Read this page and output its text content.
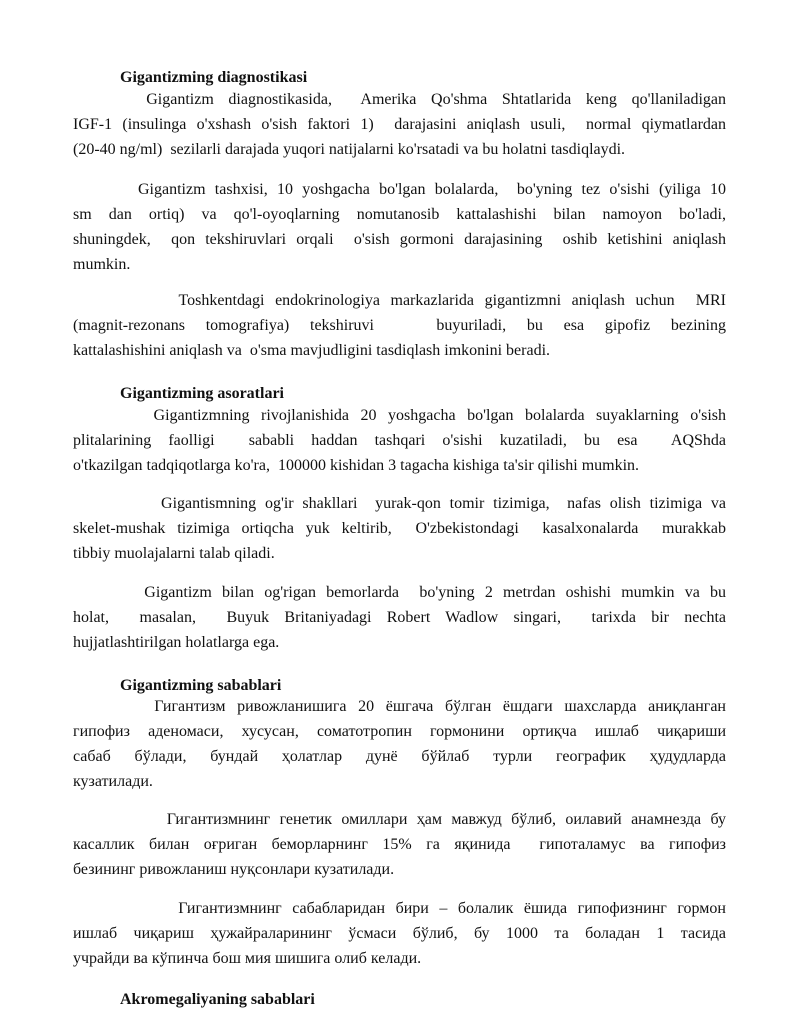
Gigantizming diagnostikasi
Gigantizm diagnostikasida,  Amerika Qo'shma Shtatlarida keng qo'llaniladigan
IGF-1 (insulinga o'xshash o'sish faktori 1)  darajasini aniqlash usuli,  normal qiymatlardan
(20-40 ng/ml)  sezilarli darajada yuqori natijalarni ko'rsatadi va bu holatni tasdiqlaydi.
Gigantizm tashxisi, 10 yoshgacha bo'lgan bolalarda,  bo'yning tez o'sishi (yiliga 10
sm dan ortiq) va qo'l-oyoqlarning nomutanosib kattalashishi bilan namoyon bo'ladi,
shuningdek,  qon tekshiruvlari orqali  o'sish gormoni darajasining  oshib ketishini aniqlash
mumkin.
Toshkentdagi endokrinologiya markazlarida gigantizmni aniqlash uchun  MRI
(magnit-rezonans tomografiya) tekshiruvi   buyuriladi, bu esa gipofiz bezining
kattalashishini aniqlash va  o'sma mavjudligini tasdiqlash imkonini beradi.
Gigantizming asoratlari
Gigantizmning rivojlanishida 20 yoshgacha bo'lgan bolalarda suyaklarning o'sish
plitalarining faolligi  sababli haddan tashqari o'sishi kuzatiladi, bu esa  AQShda
o'tkazilgan tadqiqotlarga ko'ra,  100000 kishidan 3 tagacha kishiga ta'sir qilishi mumkin.
Gigantismning og'ir shakllari  yurak-qon tomir tizimiga,  nafas olish tizimiga va
skelet-mushak tizimiga ortiqcha yuk keltirib,  O'zbekistondagi  kasalxonalarda  murakkab
tibbiy muolajalarni talab qiladi.
Gigantizm bilan og'rigan bemorlarda  bo'yning 2 metrdan oshishi mumkin va bu
holat,  masalan,  Buyuk Britaniyadagi Robert Wadlow singari,  tarixda bir nechta
hujjatlashtirilgan holatlarga ega.
Gigantizming sabablari
Гигантизм ривожланишига 20 ёшгача бўлган ёшдаги шахсларда аниқланган
гипофиз аденомаси, хусусан, соматотропин гормонини ортиқча ишлаб чиқариши
сабаб бўлади, бундай ҳолатлар дунё бўйлаб турли географик ҳудудларда
кузатилади.
Гигантизмнинг генетик омиллари ҳам мавжуд бўлиб, оилавий анамнезда бу
касаллик билан оғриган беморларнинг 15% га яқинида  гипоталамус ва гипофиз
безининг ривожланиш нуқсонлари кузатилади.
Гигантизмнинг сабабларидан бири – болалик ёшида гипофизнинг гормон
ишлаб чиқариш ҳужайраларининг ўсмаси бўлиб, бу 1000 та боладан 1 тасида
учрайди ва кўпинча бош мия шишига олиб келади.
Akromegaliyaning sabablari
